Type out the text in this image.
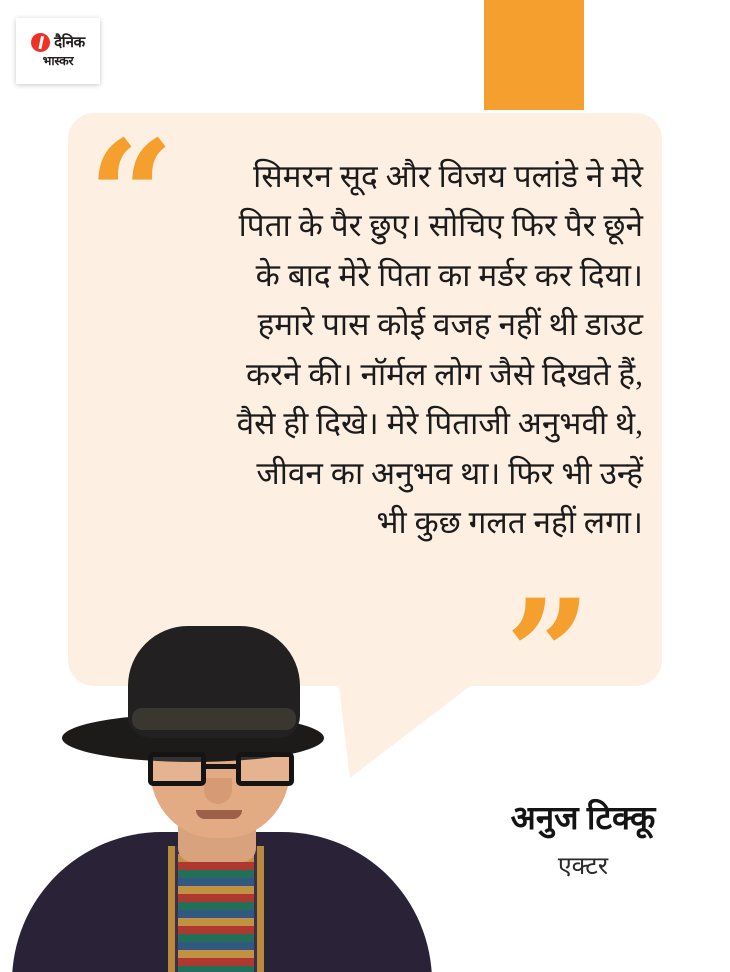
दैनिक
भास्कर
“	सिमरन सूद और विजय पलांडे ने मेरे पिता के पैर छुए। सोचिए फिर पैर छूने के बाद मेरे पिता का मर्डर कर दिया। हमारे पास कोई वजह नहीं थी डाउट करने की। नॉर्मल लोग जैसे दिखते हैं, वैसे ही दिखे। मेरे पिताजी अनुभवी थे, जीवन का अनुभव था। फिर भी उन्हें भी कुछ गलत नहीं लगा।
”
अनुज टिक्कू
एक्टर
